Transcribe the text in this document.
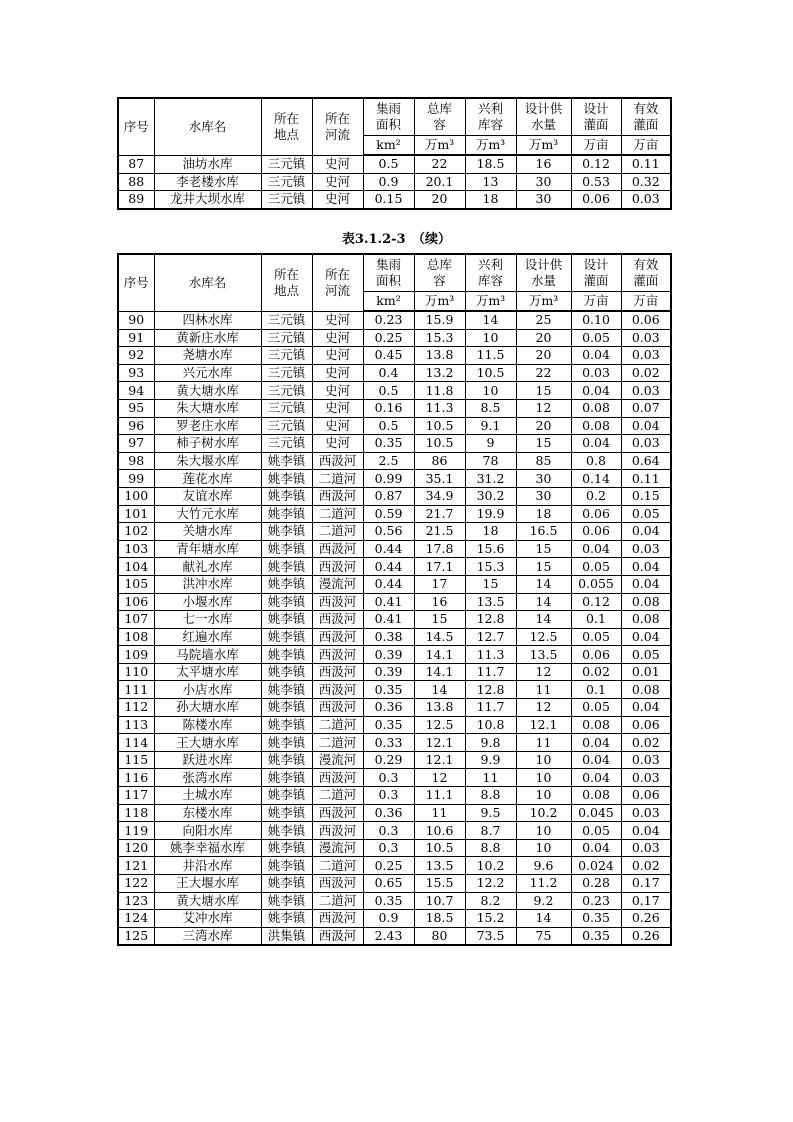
序号	水库名	所在地点	所在河流	集雨面积	总库容	兴利库容	设计供水量	设计灌面	有效灌面
				km²	万m³	万m³	万m³	万亩	万亩
87	油坊水库	三元镇	史河	0.5	22	18.5	16	0.12	0.11
88	李老楼水库	三元镇	史河	0.9	20.1	13	30	0.53	0.32
89	龙井大坝水库	三元镇	史河	0.15	20	18	30	0.06	0.03
表3.1.2-3　（续）
序号	水库名	所在地点	所在河流	集雨面积	总库容	兴利库容	设计供水量	设计灌面	有效灌面
				km²	万m³	万m³	万m³	万亩	万亩
90	四林水库	三元镇	史河	0.23	15.9	14	25	0.10	0.06
91	黄新庄水库	三元镇	史河	0.25	15.3	10	20	0.05	0.03
92	尧塘水库	三元镇	史河	0.45	13.8	11.5	20	0.04	0.03
93	兴元水库	三元镇	史河	0.4	13.2	10.5	22	0.03	0.02
94	黄大塘水库	三元镇	史河	0.5	11.8	10	15	0.04	0.03
95	朱大塘水库	三元镇	史河	0.16	11.3	8.5	12	0.08	0.07
96	罗老庄水库	三元镇	史河	0.5	10.5	9.1	20	0.08	0.04
97	柿子树水库	三元镇	史河	0.35	10.5	9	15	0.04	0.03
98	朱大堰水库	姚李镇	西汲河	2.5	86	78	85	0.8	0.64
99	莲花水库	姚李镇	二道河	0.99	35.1	31.2	30	0.14	0.11
100	友谊水库	姚李镇	西汲河	0.87	34.9	30.2	30	0.2	0.15
101	大竹元水库	姚李镇	二道河	0.59	21.7	19.9	18	0.06	0.05
102	关塘水库	姚李镇	二道河	0.56	21.5	18	16.5	0.06	0.04
103	青年塘水库	姚李镇	西汲河	0.44	17.8	15.6	15	0.04	0.03
104	献礼水库	姚李镇	西汲河	0.44	17.1	15.3	15	0.05	0.04
105	洪冲水库	姚李镇	漫流河	0.44	17	15	14	0.055	0.04
106	小堰水库	姚李镇	西汲河	0.41	16	13.5	14	0.12	0.08
107	七一水库	姚李镇	西汲河	0.41	15	12.8	14	0.1	0.08
108	红遍水库	姚李镇	西汲河	0.38	14.5	12.7	12.5	0.05	0.04
109	马院墙水库	姚李镇	西汲河	0.39	14.1	11.3	13.5	0.06	0.05
110	太平塘水库	姚李镇	西汲河	0.39	14.1	11.7	12	0.02	0.01
111	小店水库	姚李镇	西汲河	0.35	14	12.8	11	0.1	0.08
112	孙大塘水库	姚李镇	西汲河	0.36	13.8	11.7	12	0.05	0.04
113	陈楼水库	姚李镇	二道河	0.35	12.5	10.8	12.1	0.08	0.06
114	王大塘水库	姚李镇	二道河	0.33	12.1	9.8	11	0.04	0.02
115	跃进水库	姚李镇	漫流河	0.29	12.1	9.9	10	0.04	0.03
116	张湾水库	姚李镇	西汲河	0.3	12	11	10	0.04	0.03
117	土城水库	姚李镇	二道河	0.3	11.1	8.8	10	0.08	0.06
118	东楼水库	姚李镇	西汲河	0.36	11	9.5	10.2	0.045	0.03
119	向阳水库	姚李镇	西汲河	0.3	10.6	8.7	10	0.05	0.04
120	姚李幸福水库	姚李镇	漫流河	0.3	10.5	8.8	10	0.04	0.03
121	井沿水库	姚李镇	二道河	0.25	13.5	10.2	9.6	0.024	0.02
122	王大堰水库	姚李镇	西汲河	0.65	15.5	12.2	11.2	0.28	0.17
123	黄大塘水库	姚李镇	二道河	0.35	10.7	8.2	9.2	0.23	0.17
124	艾冲水库	姚李镇	西汲河	0.9	18.5	15.2	14	0.35	0.26
125	三湾水库	洪集镇	西汲河	2.43	80	73.5	75	0.35	0.26
